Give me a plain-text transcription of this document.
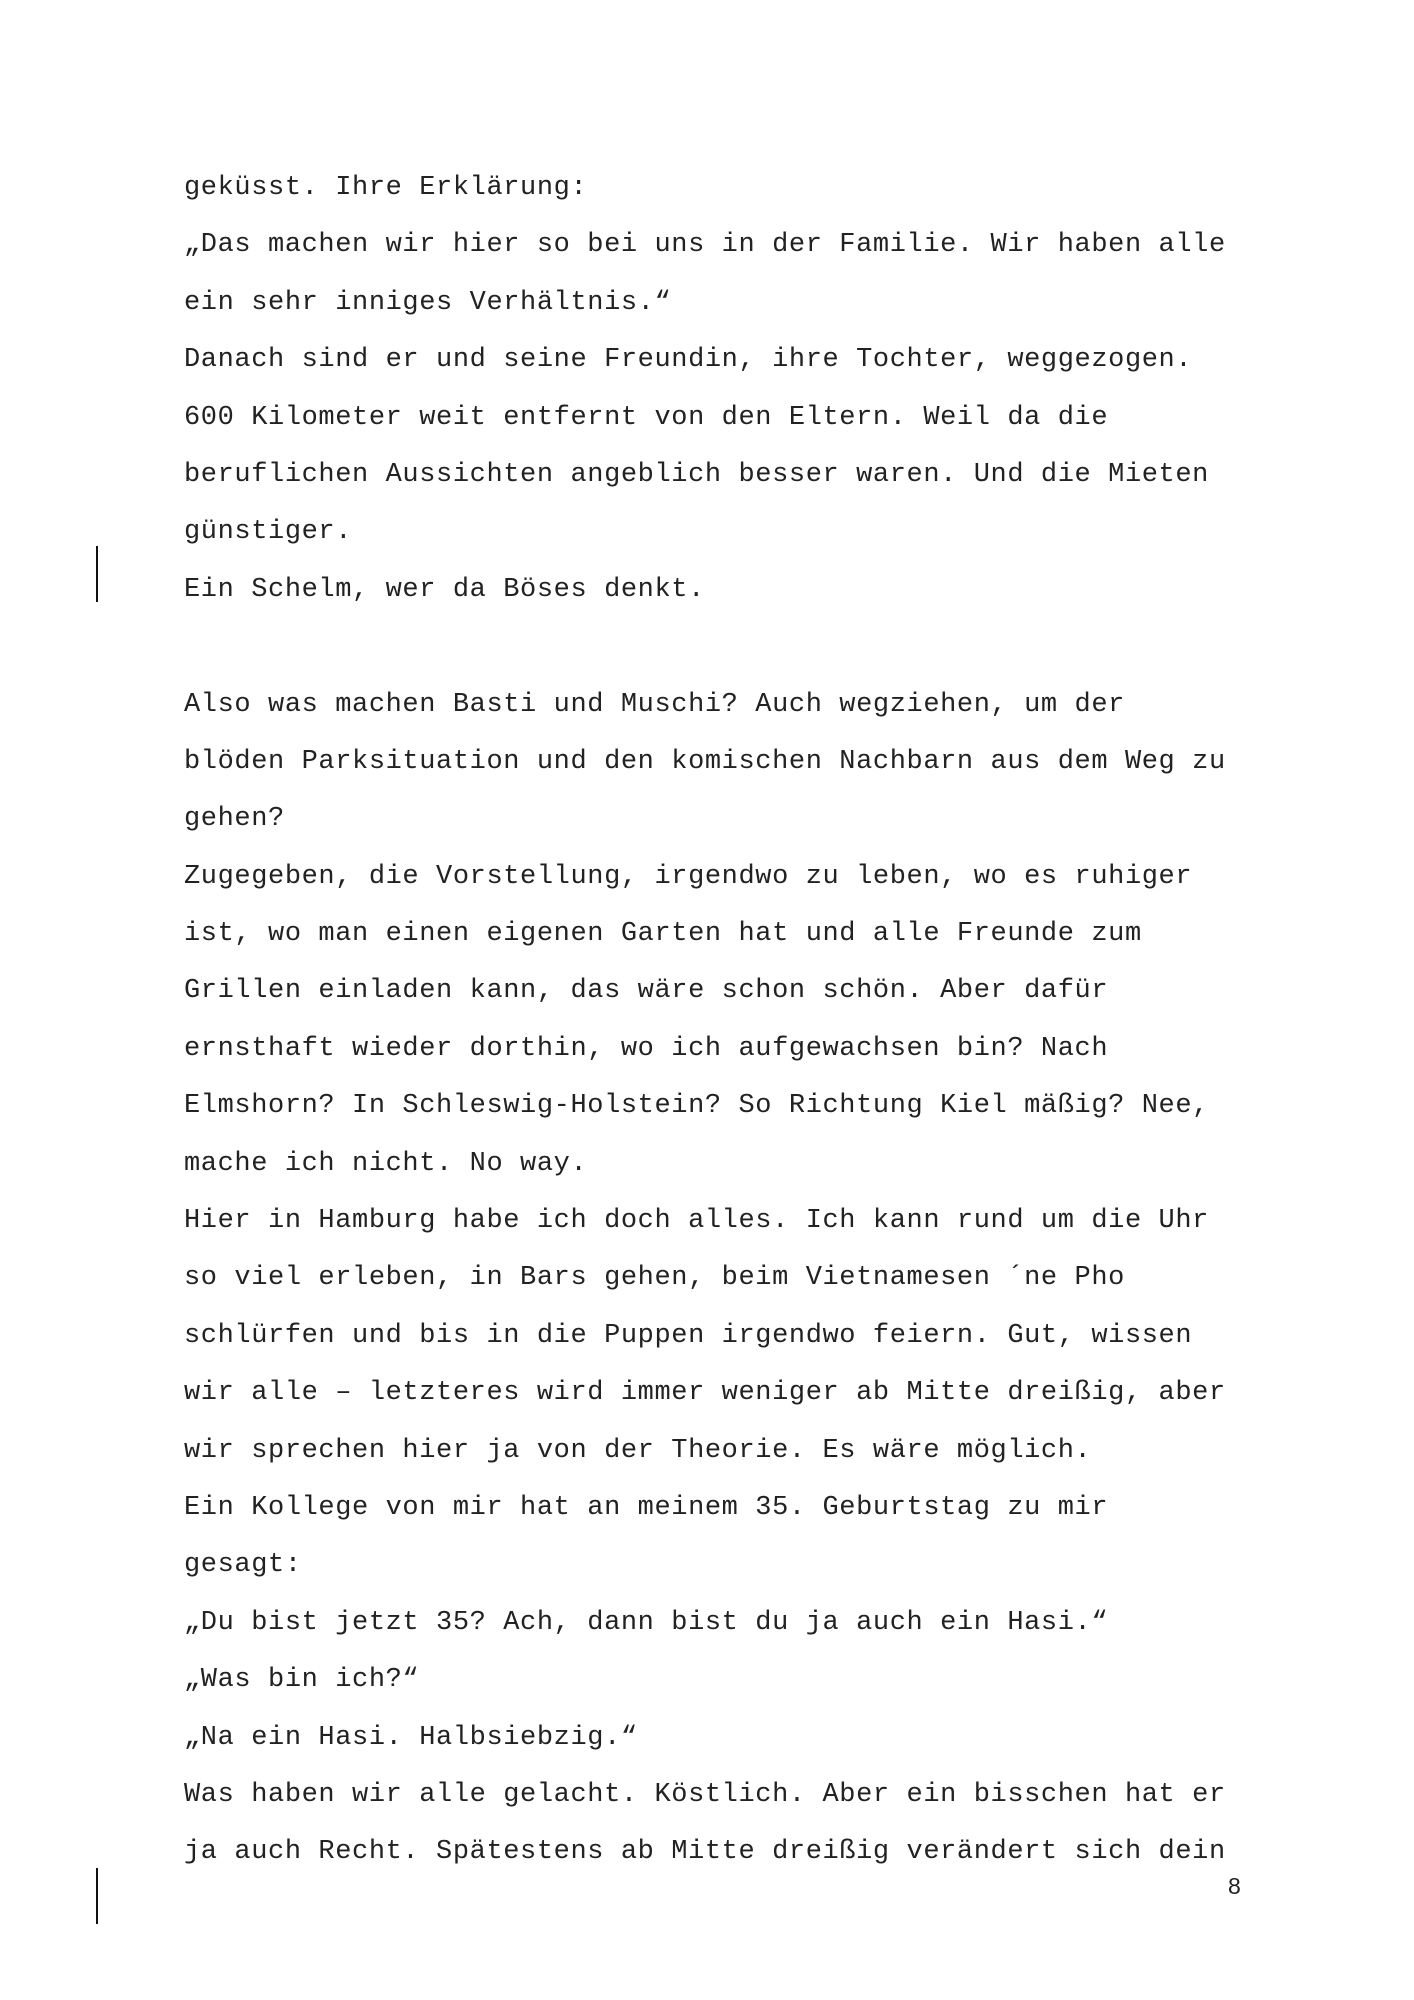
geküsst. Ihre Erklärung:
„Das machen wir hier so bei uns in der Familie. Wir haben alle
ein sehr inniges Verhältnis.“
Danach sind er und seine Freundin, ihre Tochter, weggezogen.
600 Kilometer weit entfernt von den Eltern. Weil da die
beruflichen Aussichten angeblich besser waren. Und die Mieten
günstiger.
Ein Schelm, wer da Böses denkt.
Also was machen Basti und Muschi? Auch wegziehen, um der
blöden Parksituation und den komischen Nachbarn aus dem Weg zu
gehen?
Zugegeben, die Vorstellung, irgendwo zu leben, wo es ruhiger
ist, wo man einen eigenen Garten hat und alle Freunde zum
Grillen einladen kann, das wäre schon schön. Aber dafür
ernsthaft wieder dorthin, wo ich aufgewachsen bin? Nach
Elmshorn? In Schleswig-Holstein? So Richtung Kiel mäßig? Nee,
mache ich nicht. No way.
Hier in Hamburg habe ich doch alles. Ich kann rund um die Uhr
so viel erleben, in Bars gehen, beim Vietnamesen ´ne Pho
schlürfen und bis in die Puppen irgendwo feiern. Gut, wissen
wir alle – letzteres wird immer weniger ab Mitte dreißig, aber
wir sprechen hier ja von der Theorie. Es wäre möglich.
Ein Kollege von mir hat an meinem 35. Geburtstag zu mir
gesagt:
„Du bist jetzt 35? Ach, dann bist du ja auch ein Hasi.“
„Was bin ich?“
„Na ein Hasi. Halbsiebzig.“
Was haben wir alle gelacht. Köstlich. Aber ein bisschen hat er
ja auch Recht. Spätestens ab Mitte dreißig verändert sich dein
8
